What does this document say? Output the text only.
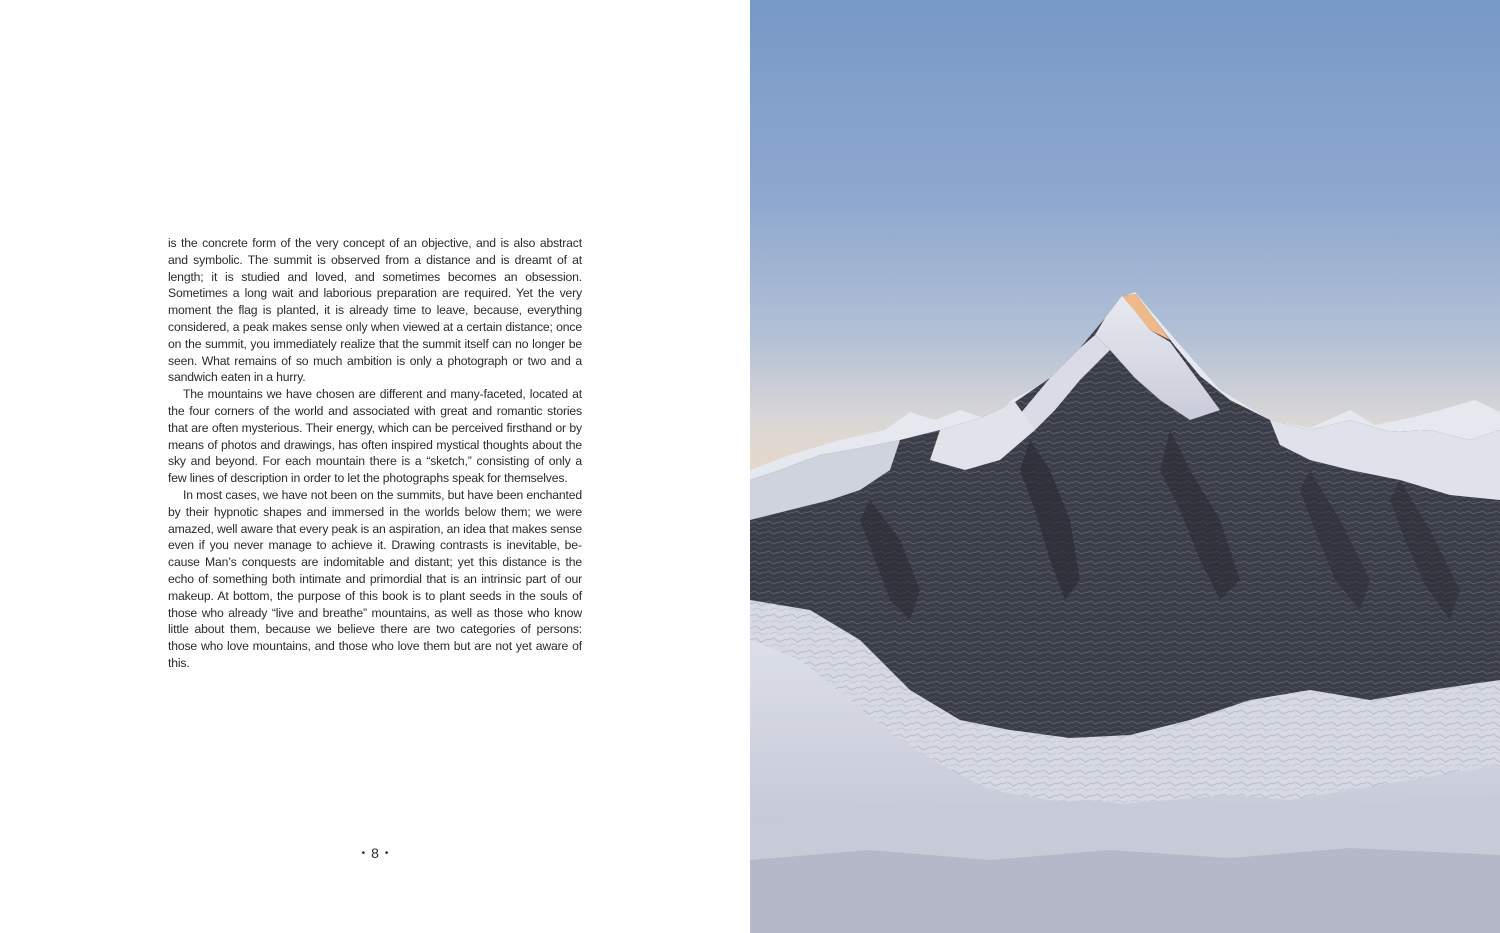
is the concrete form of the very concept of an objective, and is also abstract and symbolic. The summit is observed from a distance and is dreamt of at length; it is studied and loved, and sometimes becomes an obsession. Sometimes a long wait and laborious preparation are required. Yet the very moment the flag is planted, it is already time to leave, because, everything considered, a peak makes sense only when viewed at a certain distance; once on the summit, you immediately realize that the summit itself can no longer be seen. What remains of so much ambition is only a photograph or two and a sandwich eaten in a hurry.

The mountains we have chosen are different and many-faceted, located at the four corners of the world and associated with great and romantic stories that are often mysterious. Their energy, which can be perceived firsthand or by means of photos and drawings, has often inspired mystical thoughts about the sky and beyond. For each mountain there is a “sketch,” consisting of only a few lines of description in order to let the photographs speak for themselves.

In most cases, we have not been on the summits, but have been enchanted by their hypnotic shapes and immersed in the worlds below them; we were amazed, well aware that every peak is an aspiration, an idea that makes sense even if you never manage to achieve it. Drawing contrasts is inevitable, because Man’s conquests are indomitable and distant; yet this distance is the echo of something both intimate and primordial that is an intrinsic part of our makeup. At bottom, the purpose of this book is to plant seeds in the souls of those who already “live and breathe” mountains, as well as those who know little about them, because we believe there are two categories of persons: those who love mountains, and those who love them but are not yet aware of this.

• 8 •
